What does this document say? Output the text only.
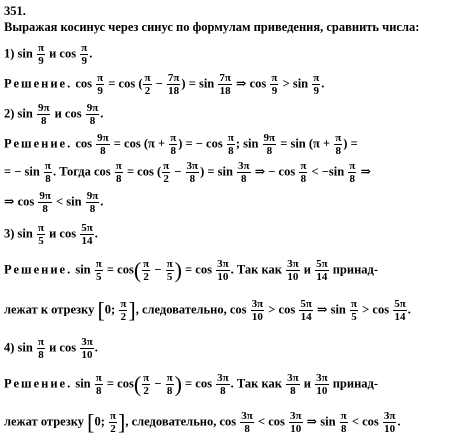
351.
Выражая косинус через синус по формулам приведения, сравнить числа:
1) $\sin \frac{\pi}{9}$ и $\cos \frac{\pi}{9}$ .
Решение. $\cos \frac{\pi}{9} = \cos$ ( $\frac{\pi}{2} - \frac{7\pi}{18}$ ) = $\sin \frac{7\pi}{18}$ ⇒ $\cos \frac{\pi}{9} > \sin \frac{\pi}{9}$ .
2) $\sin \frac{9\pi}{8}$ и $\cos \frac{9\pi}{8}$ .
Решение. $\cos \frac{9\pi}{8} = \cos (\pi + \frac{\pi}{8}$ ) = − $\cos \frac{\pi}{8}$ ; $\sin \frac{9\pi}{8} = \sin (\pi + \frac{\pi}{8}$ ) =
= − $\sin \frac{\pi}{8}$ . Тогда $\cos \frac{\pi}{8} = \cos$ ( $\frac{\pi}{2} - \frac{3\pi}{8}$ ) = $\sin \frac{3\pi}{8}$ ⇒ − $\cos \frac{\pi}{8} < -\sin \frac{\pi}{8}$ ⇒
⇒ $\cos \frac{9\pi}{8} < \sin \frac{9\pi}{8}$ .
3) $\sin \frac{\pi}{5}$ и $\cos \frac{5\pi}{14}$ .
Решение. $\sin \frac{\pi}{5} = \cos( \frac{\pi}{2} - \frac{\pi}{5}$ ) = $\cos \frac{3\pi}{10}$ . Так как $\frac{3\pi}{10}$ и $\frac{5\pi}{14}$ принад-
лежат к отрезку [0; $\frac{\pi}{2}$ ], следовательно, $\cos \frac{3\pi}{10} > \cos \frac{5\pi}{14}$ ⇒ $\sin \frac{\pi}{5} > \cos \frac{5\pi}{14}$ .
4) $\sin \frac{\pi}{8}$ и $\cos \frac{3\pi}{10}$ .
Решение. $\sin \frac{\pi}{8} = \cos( \frac{\pi}{2} - \frac{\pi}{8}$ ) = $\cos \frac{3\pi}{8}$ . Так как $\frac{3\pi}{8}$ и $\frac{3\pi}{10}$ принад-
лежат отрезку [0; $\frac{\pi}{2}$ ], следовательно, $\cos \frac{3\pi}{8} < \cos \frac{3\pi}{10}$ ⇒ $\sin \frac{\pi}{8} < \cos \frac{3\pi}{10}$ .
